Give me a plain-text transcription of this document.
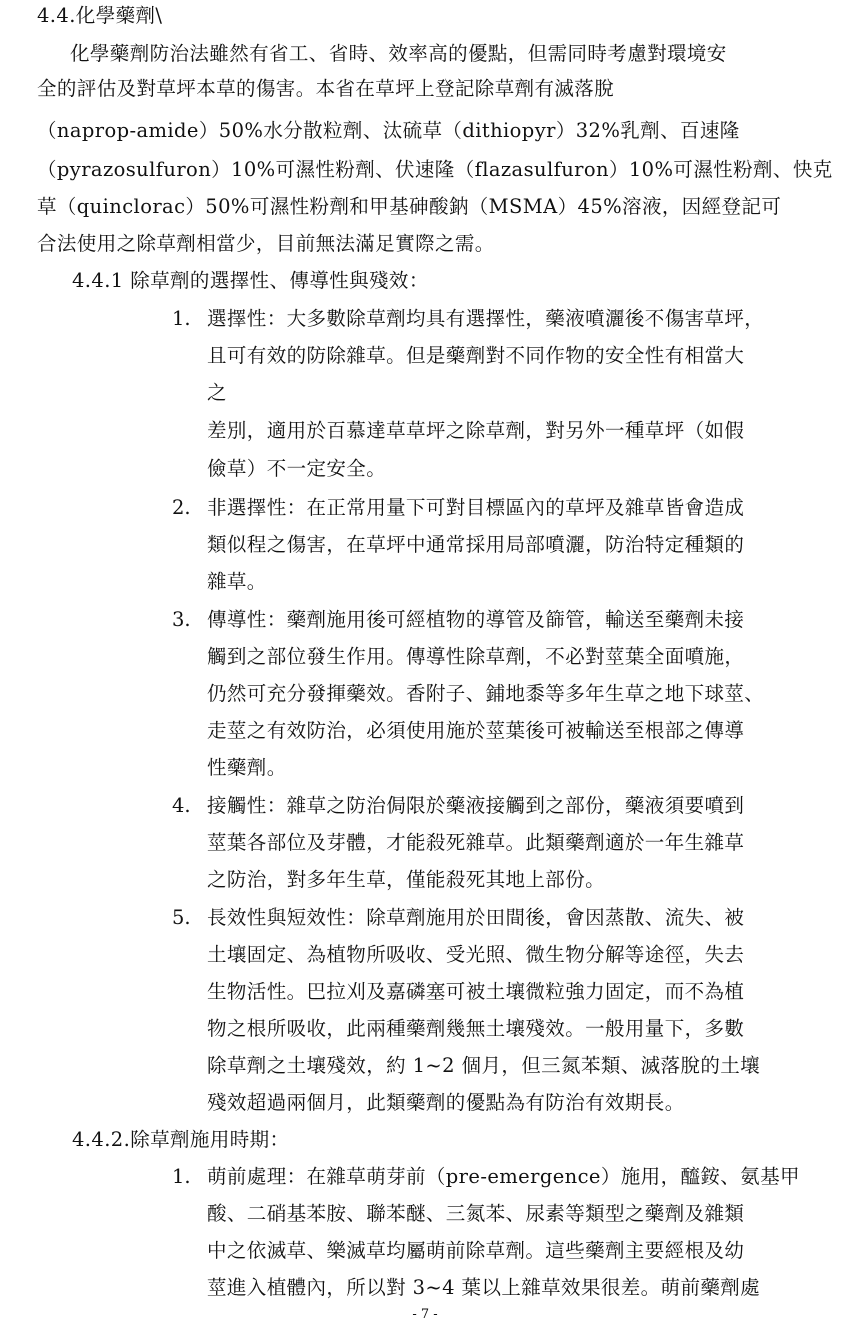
4.4.化學藥劑\
化學藥劑防治法雖然有省工、省時、效率高的優點，但需同時考慮對環境安
全的評估及對草坪本草的傷害。本省在草坪上登記除草劑有滅落脫
（naprop-amide）50%水分散粒劑、汰硫草（dithiopyr）32%乳劑、百速隆
（pyrazosulfuron）10%可濕性粉劑、伏速隆（flazasulfuron）10%可濕性粉劑、快克
草（quinclorac）50%可濕性粉劑和甲基砷酸鈉（MSMA）45%溶液，因經登記可
合法使用之除草劑相當少，目前無法滿足實際之需。
4.4.1 除草劑的選擇性、傳導性與殘效：
1. 選擇性：大多數除草劑均具有選擇性，藥液噴灑後不傷害草坪，
且可有效的防除雜草。但是藥劑對不同作物的安全性有相當大
之
差別，適用於百慕達草草坪之除草劑，對另外一種草坪（如假
儉草）不一定安全。
2. 非選擇性：在正常用量下可對目標區內的草坪及雜草皆會造成
類似程之傷害，在草坪中通常採用局部噴灑，防治特定種類的
雜草。
3. 傳導性：藥劑施用後可經植物的導管及篩管，輸送至藥劑未接
觸到之部位發生作用。傳導性除草劑，不必對莖葉全面噴施，
仍然可充分發揮藥效。香附子、鋪地黍等多年生草之地下球莖、
走莖之有效防治，必須使用施於莖葉後可被輸送至根部之傳導
性藥劑。
4. 接觸性：雜草之防治侷限於藥液接觸到之部份，藥液須要噴到
莖葉各部位及芽體，才能殺死雜草。此類藥劑適於一年生雜草
之防治，對多年生草，僅能殺死其地上部份。
5. 長效性與短效性：除草劑施用於田間後，會因蒸散、流失、被
土壤固定、為植物所吸收、受光照、微生物分解等途徑，失去
生物活性。巴拉刈及嘉磷塞可被土壤微粒強力固定，而不為植
物之根所吸收，此兩種藥劑幾無土壤殘效。一般用量下，多數
除草劑之土壤殘效，約 1~2 個月，但三氮苯類、滅落脫的土壤
殘效超過兩個月，此類藥劑的優點為有防治有效期長。
4.4.2.除草劑施用時期：
1. 萌前處理：在雜草萌芽前（pre-emergence）施用，醯銨、氨基甲
酸、二硝基苯胺、聯苯醚、三氮苯、尿素等類型之藥劑及雜類
中之依滅草、樂滅草均屬萌前除草劑。這些藥劑主要經根及幼
莖進入植體內，所以對 3~4 葉以上雜草效果很差。萌前藥劑處
- 7 -
